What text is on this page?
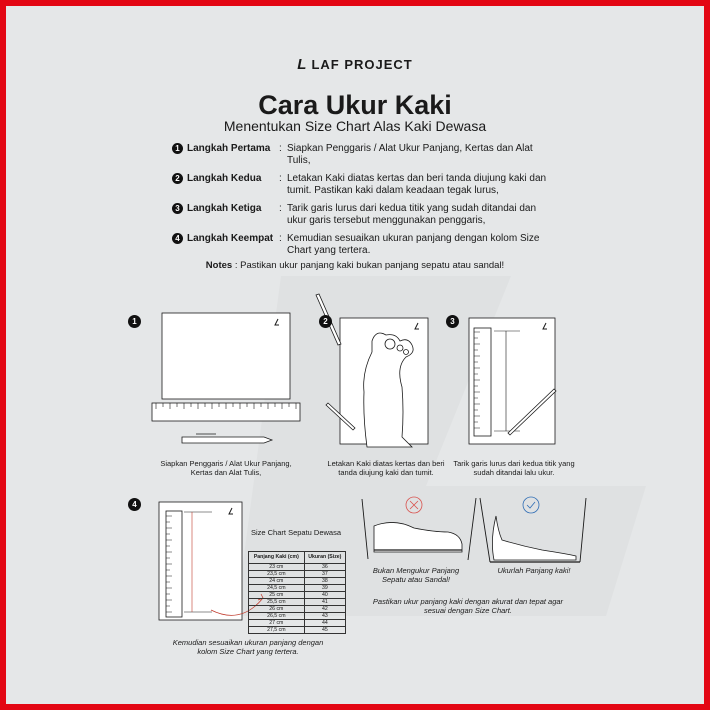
L LAF PROJECT
Cara Ukur Kaki
Menentukan Size Chart Alas Kaki Dewasa
1 Langkah Pertama : Siapkan Penggaris / Alat Ukur Panjang, Kertas dan Alat Tulis,
2 Langkah Kedua	: Letakan Kaki diatas kertas dan beri tanda diujung kaki dan tumit. Pastikan kaki dalam keadaan tegak lurus,
3 Langkah Ketiga	: Tarik garis lurus dari kedua titik yang sudah ditandai dan ukur garis tersebut menggunakan penggaris,
4 Langkah Keempat : Kemudian sesuaikan ukuran panjang dengan kolom Size Chart yang tertera.
Notes : Pastikan ukur panjang kaki bukan panjang sepatu atau sandal!
1	2	3
4
Siapkan Penggaris / Alat Ukur Panjang, Kertas dan Alat Tulis,
Letakan Kaki diatas kertas dan beri tanda diujung kaki dan tumit.
Tarik garis lurus dari kedua titik yang sudah ditandai lalu ukur.
Kemudian sesuaikan ukuran panjang dengan kolom Size Chart yang tertera.
Size Chart Sepatu Dewasa
Panjang Kaki (cm)	Ukuran (Size)
23 cm	36
23,5 cm	37
24 cm	38
24,5 cm	39
25 cm	40
25,5 cm	41
26 cm	42
26,5 cm	43
27 cm	44
27,5 cm	45
Bukan Mengukur Panjang Sepatu atau Sandal!
Ukurlah Panjang kaki!
Pastikan ukur panjang kaki dengan akurat dan tepat agar sesuai dengan Size Chart.
